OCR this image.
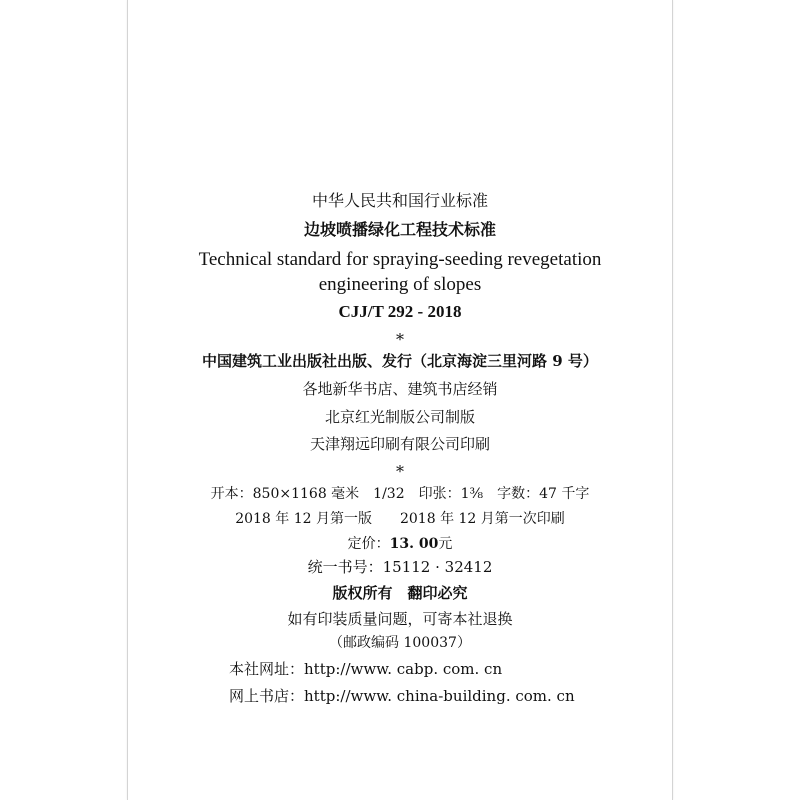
中华人民共和国行业标准
边坡喷播绿化工程技术标准
Technical standard for spraying-seeding revegetation
engineering of slopes
CJJ/T 292 - 2018
*
中国建筑工业出版社出版、发行（北京海淀三里河路 9 号）
各地新华书店、建筑书店经销
北京红光制版公司制版
天津翔远印刷有限公司印刷
*
开本：850×1168 毫米　1/32　印张：1⅜　字数：47 千字
2018 年 12 月第一版　　2018 年 12 月第一次印刷
定价：13. 00元
统一书号：15112 · 32412
版权所有　翻印必究
如有印装质量问题，可寄本社退换
（邮政编码 100037）
本社网址：http://www. cabp. com. cn
网上书店：http://www. china-building. com. cn
